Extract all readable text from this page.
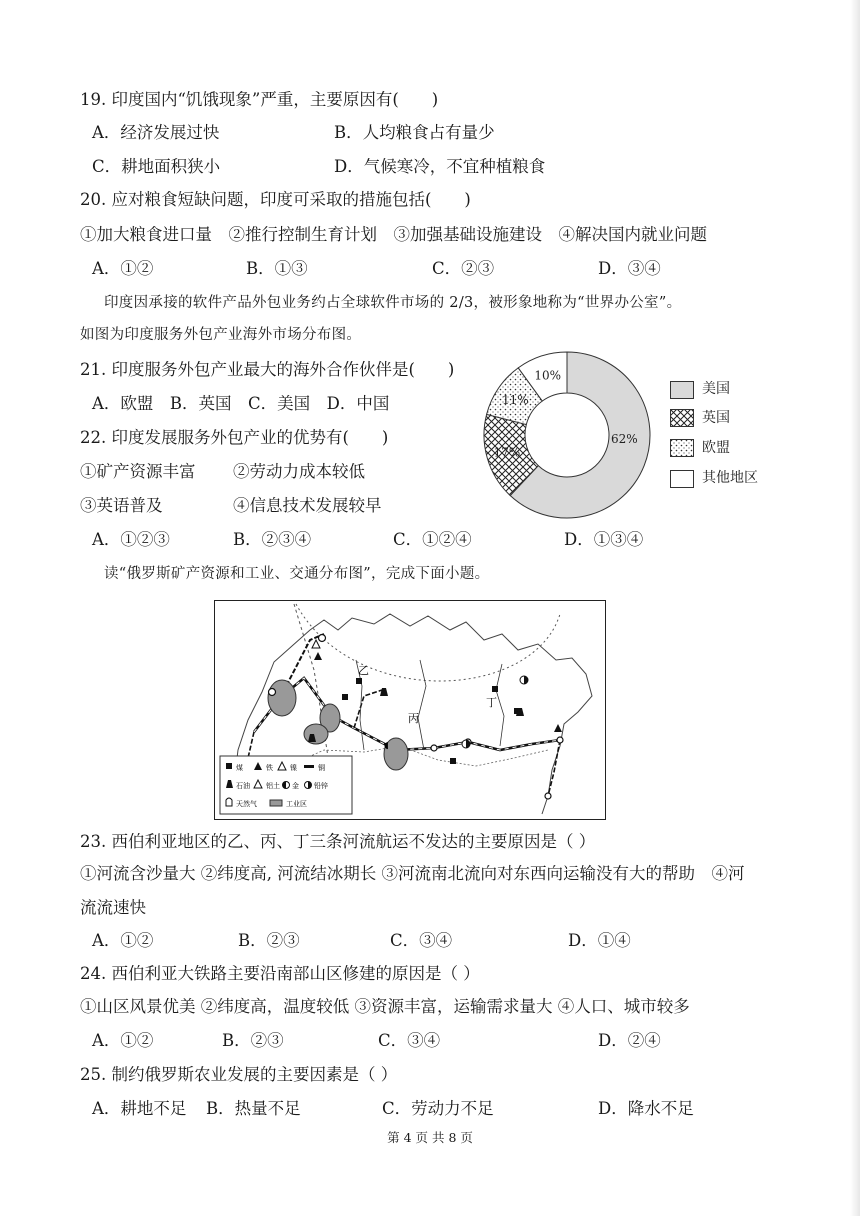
19. 印度国内“饥饿现象”严重，主要原因有(　　)
A．经济发展过快	B．人均粮食占有量少
C．耕地面积狭小	D．气候寒冷，不宜种植粮食
20. 应对粮食短缺问题，印度可采取的措施包括(　　)
①加大粮食进口量　②推行控制生育计划　③加强基础设施建设　④解决国内就业问题
A．①②	B．①③	C．②③	D．③④
印度因承接的软件产品外包业务约占全球软件市场的 2/3，被形象地称为“世界办公室”。
如图为印度服务外包产业海外市场分布图。
21. 印度服务外包产业最大的海外合作伙伴是(　　)
A．欧盟　B．英国　C．美国　D．中国
22. 印度发展服务外包产业的优势有(　　)
①矿产资源丰富 ②劳动力成本较低
③英语普及	④信息技术发展较早
A．①②③	B．②③④	C．①②④	D．①③④
62%
17%
11%
10%
美国
英国
欧盟
其他地区
读“俄罗斯矿产资源和工业、交通分布图”，完成下面小题。
◖
乙
丙
丁
煤	铁 镍	铜
石油 铝土 金 铅锌
天然气	工业区
23. 西伯利亚地区的乙、丙、丁三条河流航运不发达的主要原因是（ ）
①河流含沙量大 ②纬度高, 河流结冰期长 ③河流南北流向对东西向运输没有大的帮助　④河
流流速快
A．①②	B．②③	C．③④	D．①④
24. 西伯利亚大铁路主要沿南部山区修建的原因是（ ）
①山区风景优美 ②纬度高，温度较低 ③资源丰富，运输需求量大 ④人口、城市较多
A．①②	B．②③	C．③④	D．②④
25. 制约俄罗斯农业发展的主要因素是（ ）
A．耕地不足 B．热量不足	C．劳动力不足	D．降水不足
第 4 页 共 8 页
